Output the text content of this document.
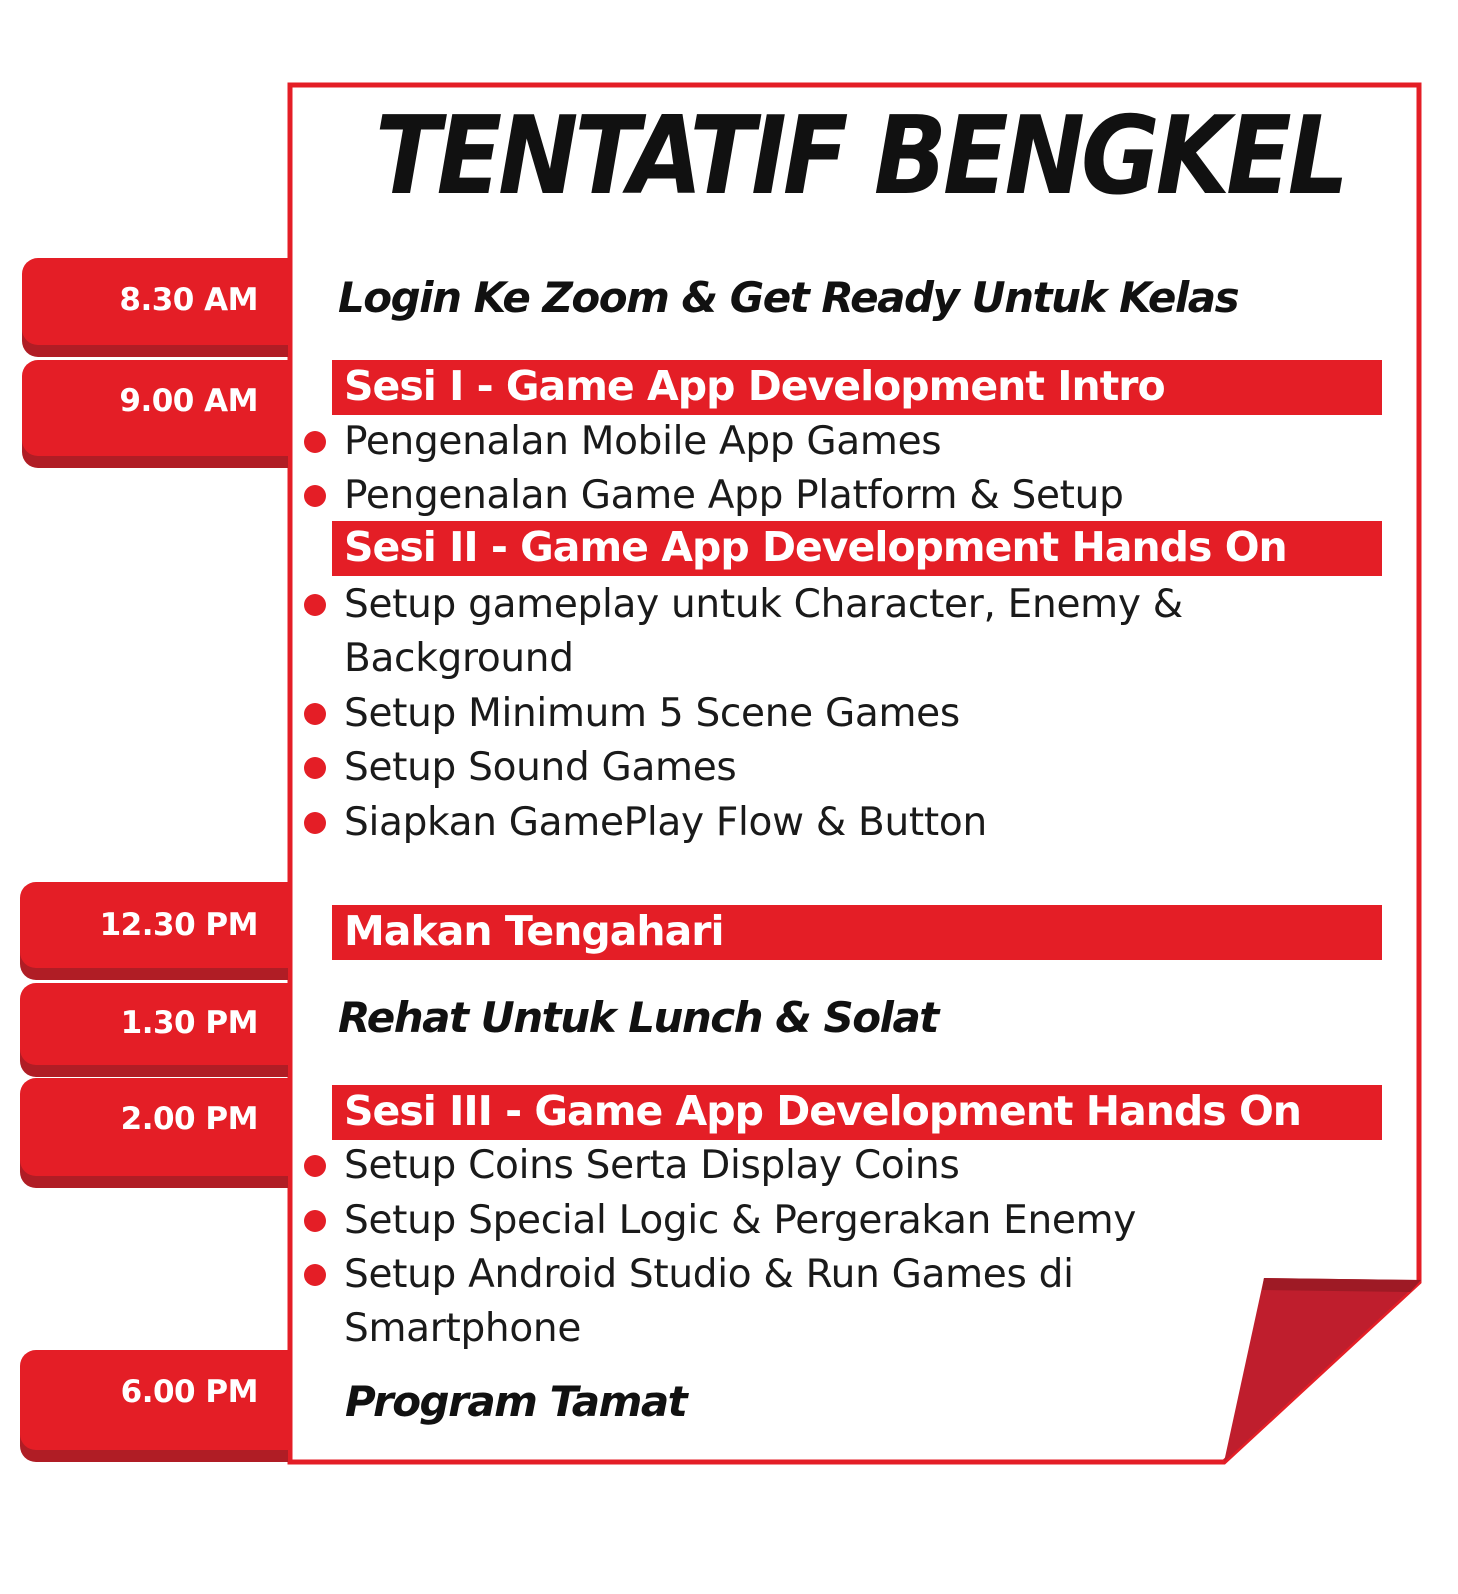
TENTATIF BENGKEL
8.30 AM
9.00 AM
12.30 PM
1.30 PM
2.00 PM
6.00 PM
Login Ke Zoom & Get Ready Untuk Kelas
Sesi I - Game App Development Intro
Pengenalan Mobile App Games
Pengenalan Game App Platform & Setup
Sesi II - Game App Development Hands On
Setup gameplay untuk Character, Enemy & Background
Setup Minimum 5 Scene Games
Setup Sound Games
Siapkan GamePlay Flow & Button
Makan Tengahari
Rehat Untuk Lunch & Solat
Sesi III - Game App Development Hands On
Setup Coins Serta Display Coins
Setup Special Logic & Pergerakan Enemy
Setup Android Studio & Run Games di Smartphone
Program Tamat
